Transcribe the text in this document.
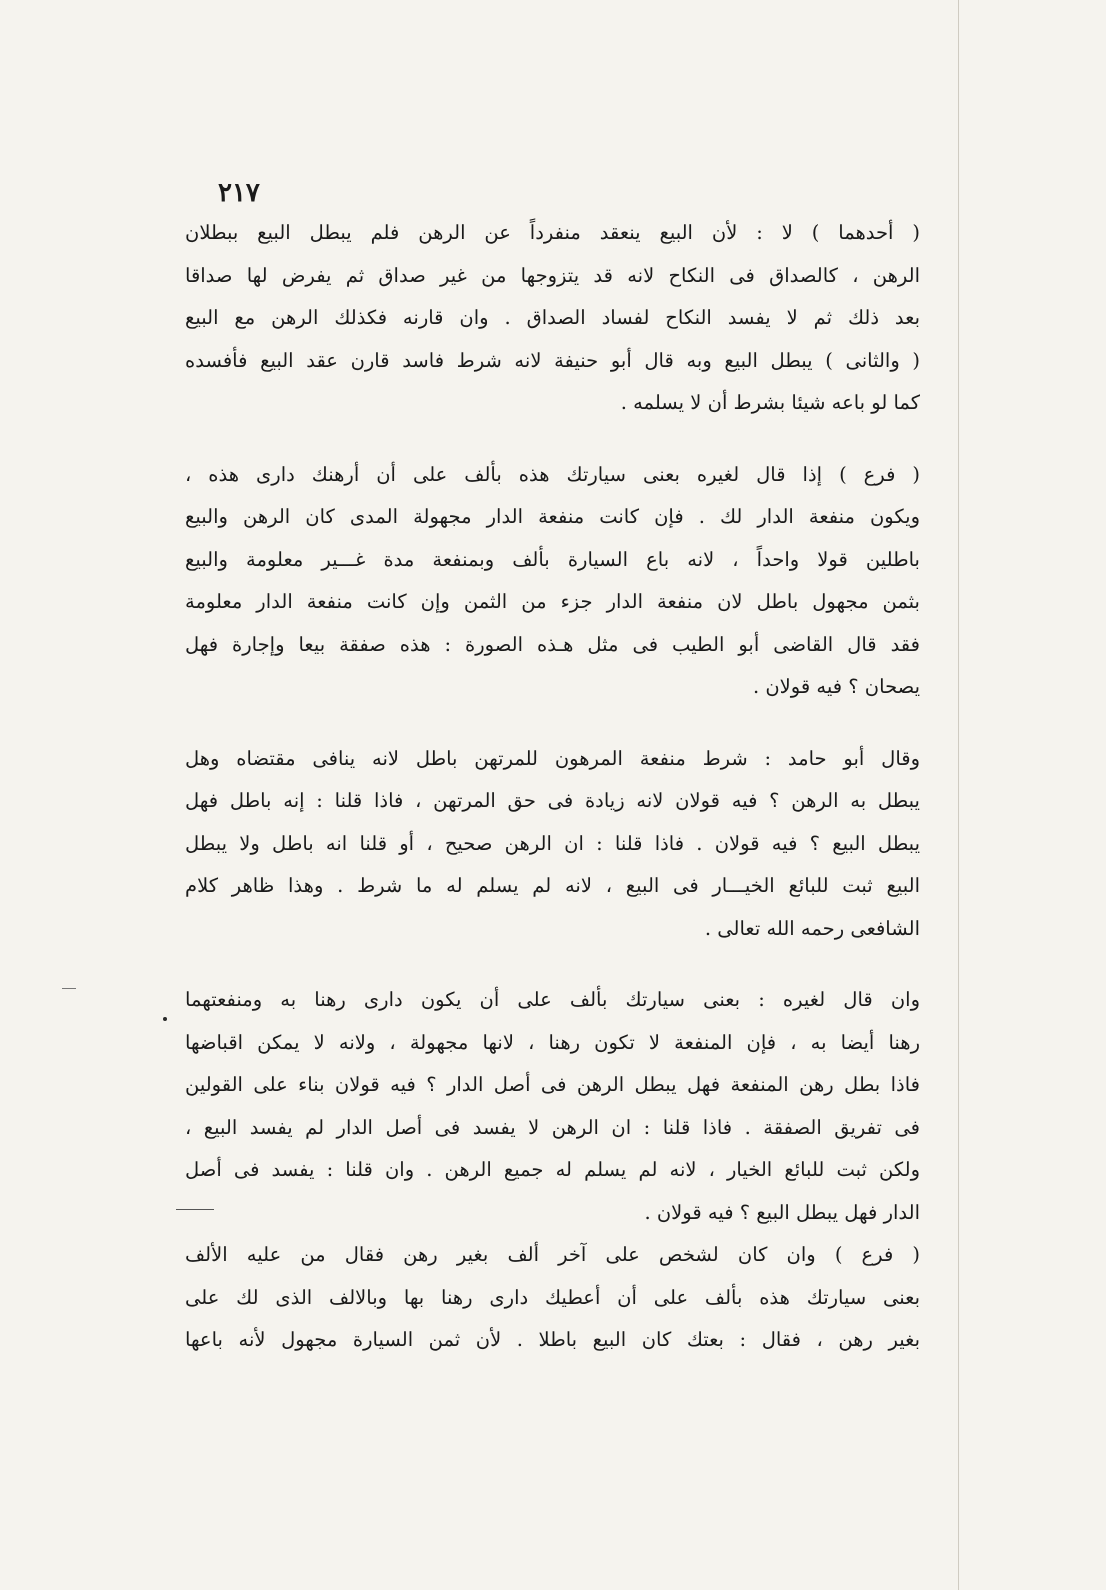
٢١٧
( أحدهما ) لا : لأن البيع ينعقد منفرداً عن الرهن فلم يبطل البيع ببطلان
الرهن ، كالصداق فى النكاح لانه قد يتزوجها من غير صداق ثم يفرض لها صداقا
بعد ذلك ثم لا يفسد النكاح لفساد الصداق . وان قارنه فكذلك الرهن مع البيع
( والثانى ) يبطل البيع وبه قال أبو حنيفة لانه شرط فاسد قارن عقد البيع فأفسده
كما لو باعه شيئا بشرط أن لا يسلمه .
( فرع ) إذا قال لغيره بعنى سيارتك هذه بألف على أن أرهنك دارى هذه ،
ويكون منفعة الدار لك . فإن كانت منفعة الدار مجهولة المدى كان الرهن والبيع
باطلين قولا واحداً ، لانه باع السيارة بألف وبمنفعة مدة غـــير معلومة والبيع
بثمن مجهول باطل لان منفعة الدار جزء من الثمن وإن كانت منفعة الدار معلومة
فقد قال القاضى أبو الطيب فى مثل هـذه الصورة : هذه صفقة بيعا وإجارة فهل
يصحان ؟ فيه قولان .
وقال أبو حامد : شرط منفعة المرهون للمرتهن باطل لانه ينافى مقتضاه وهل
يبطل به الرهن ؟ فيه قولان لانه زيادة فى حق المرتهن ، فاذا قلنا : إنه باطل فهل
يبطل البيع ؟ فيه قولان . فاذا قلنا : ان الرهن صحيح ، أو قلنا انه باطل ولا يبطل
البيع ثبت للبائع الخيـــار فى البيع ، لانه لم يسلم له ما شرط . وهذا ظاهر كلام
الشافعى رحمه الله تعالى .
وان قال لغيره : بعنى سيارتك بألف على أن يكون دارى رهنا به ومنفعتهما
رهنا أيضا به ، فإن المنفعة لا تكون رهنا ، لانها مجهولة ، ولانه لا يمكن اقباضها
فاذا بطل رهن المنفعة فهل يبطل الرهن فى أصل الدار ؟ فيه قولان بناء على القولين
فى تفريق الصفقة . فاذا قلنا : ان الرهن لا يفسد فى أصل الدار لم يفسد البيع ،
ولكن ثبت للبائع الخيار ، لانه لم يسلم له جميع الرهن . وان قلنا : يفسد فى أصل
الدار فهل يبطل البيع ؟ فيه قولان .
( فرع ) وان كان لشخص على آخر ألف بغير رهن فقال من عليه الألف
بعنى سيارتك هذه بألف على أن أعطيك دارى رهنا بها وبالالف الذى لك على
بغير رهن ، فقال : بعتك كان البيع باطلا . لأن ثمن السيارة مجهول لأنه باعها
